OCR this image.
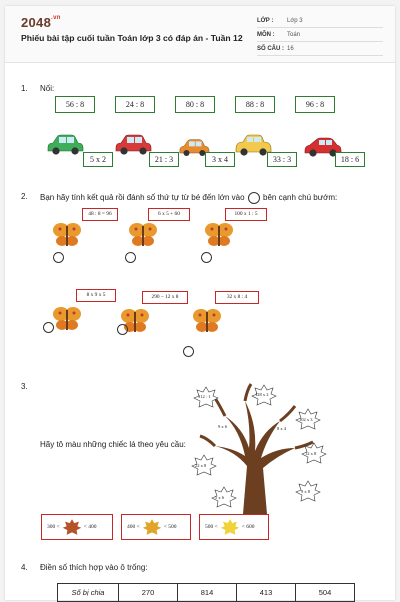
$2048^{.vn}$
Phiếu bài tập cuối tuần Toán lớp 3 có đáp án - Tuần 12
LỚP :	Lớp 3
MÔN :	Toán
SỐ CÂU : 16
1. Nối:
56 : 8	24 : 8	80 : 8	88 : 8	96 : 8
5 x 2	21 : 3	3 x 4	33 : 3	18 : 6
2. Bạn hãy tính kết quả rồi đánh số thứ tự từ bé đến lớn vào bên cạnh chú bướm:
48 : 8 = 96	6 x 5 + 60	100 x 1 : 5
8 x 9 x 5	290 – 12 x 8	32 x 8 : 4
3.
Hãy tô màu những chiếc lá theo yêu cầu:
312 : 1	128 x 2
102 x 3
12 x 8
9 x 8
5 x 6
22 x 8
9 x 6	8 x 4
300 <	< 400	400 <	< 500	500 <	< 600
4. Điền số thích hợp vào ô trống:
Số bị chia	270	814	413	504
